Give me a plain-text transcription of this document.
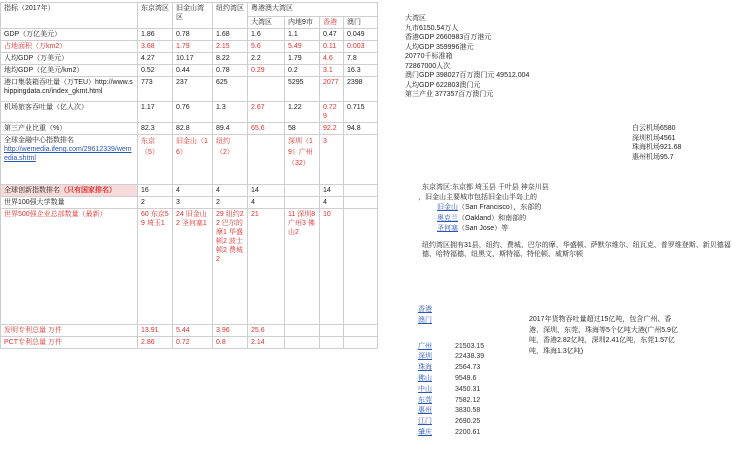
指标（2017年）	东京湾区	旧金山湾区	纽约湾区	粤港澳大湾区			
				大湾区	内地9市	香港	澳门
GDP（万亿美元）	1.86	0.78	1.68	1.6	1.1	0.47	0.049
占地面积（万km2）	3.68	1.79	2.15	5.6	5.49	0.11	0.003
人均GDP（万美元）	4.27	10.17	8.22	2.2	1.79	4.6	7.8
地均GDP（亿美元/km2）	0.52	0.44	0.78	0.29	0.2	3.1	16.3
港口集装箱吞吐量（万TEU）http://www.shippingdata.cn/index_gkmt.html	773	237	625		5295	2077	2398
机场旅客吞吐量（亿人次）	1.17	0.76	1.3	2.67	1.22	0.729	0.715
第三产业比重（%）	82.3	82.8	89.4	65.6	58	92.2	94.8

全球金融中心指数排名
http://wemedia.ifeng.com/29612339/wemedia.shtml	东京（5）	旧金山（16）	纽约（2）		深圳（19）广州（32）	3	
全球创新指数排名（只有国家排名）	16	4	4	14		14	
世界100强大学数量	2	3	2	4		4	
世界500强企业总部数量（最新）	60 东京59 埼玉1	24 旧金山2 圣何塞1	29 纽约22 巴尔的摩1 华盛顿2 波士顿2 费城2	21	11 深圳8 广州3 佛山2	10	
发明专利总量 万件	13.91	5.44	3.96	25.6			
PCT专利总量 万件	2.86	0.72	0.8	2.14			
大湾区
九市6150.54万人
香港GDP 2660983百万港元
人均GDP 359996港元
20770千标准箱
72867000人次
澳门GDP 398027百万澳门元 49512.004
人均GDP 622803澳门元
第三产业 377357百万澳门元
白云机场6580
深圳机场4561
珠海机场921.68
惠州机场95.7
东京湾区:东京都 埼玉县 千叶县 神奈川县
，旧金山主要城市包括旧金山半岛上的
旧金山（San Francisco），东部的
奥克兰（Oakland）和南部的
圣何塞（San Jose）等
纽约湾区拥有31县，纽约、费城、巴尔的摩、华盛顿、萨默尔维尔、纽瓦克、普罗维登斯、新贝德福德、哈特福德、纽黑文、斯特福、特伦顿、威斯尔顿
香港
澳门
广州	21503.15
深圳	22438.39
珠海	2564.73
佛山	9549.6
中山	3450.31
东莞	7582.12
惠州	3830.58
江门	2690.25
肇庆	2200.61
2017年货物吞吐量超过15亿吨，包含广州、香港、深圳、东莞、珠海等5个亿吨大港(广州5.9亿吨，香港2.82亿吨，深圳2.41亿吨，东莞1.57亿吨，珠海1.3亿吨)
